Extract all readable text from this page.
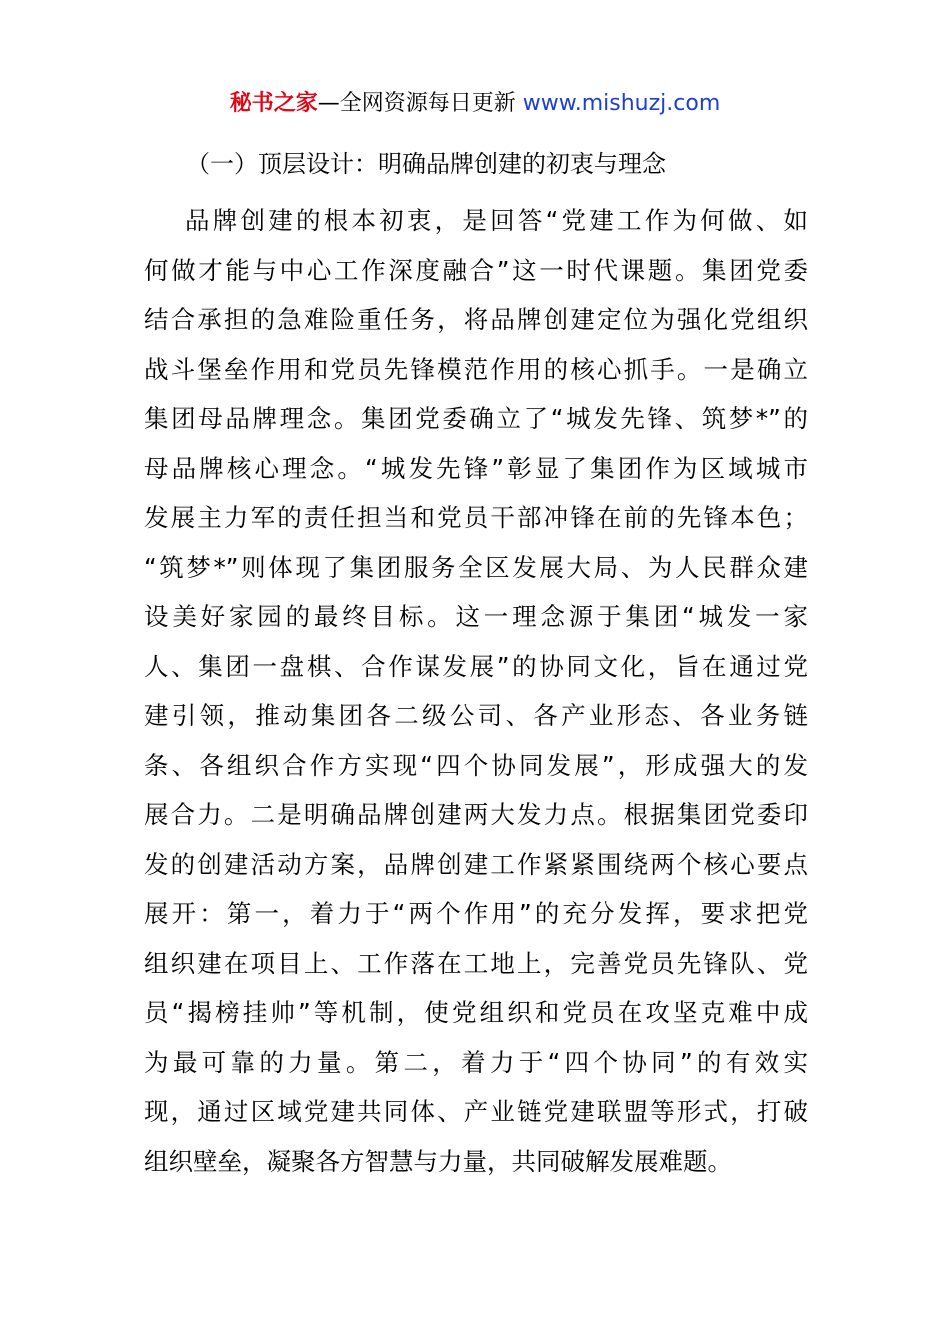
秘书之家—全网资源每日更新 www.mishuzj.com
（一）顶层设计：明确品牌创建的初衷与理念
品牌创建的根本初衷，是回答“党建工作为何做、如
何做才能与中心工作深度融合”这一时代课题。集团党委
结合承担的急难险重任务，将品牌创建定位为强化党组织
战斗堡垒作用和党员先锋模范作用的核心抓手。一是确立
集团母品牌理念。集团党委确立了“城发先锋、筑梦*”的
母品牌核心理念。“城发先锋”彰显了集团作为区域城市
发展主力军的责任担当和党员干部冲锋在前的先锋本色；
“筑梦*”则体现了集团服务全区发展大局、为人民群众建
设美好家园的最终目标。这一理念源于集团“城发一家
人、集团一盘棋、合作谋发展”的协同文化，旨在通过党
建引领，推动集团各二级公司、各产业形态、各业务链
条、各组织合作方实现“四个协同发展”，形成强大的发
展合力。二是明确品牌创建两大发力点。根据集团党委印
发的创建活动方案，品牌创建工作紧紧围绕两个核心要点
展开：第一，着力于“两个作用”的充分发挥，要求把党
组织建在项目上、工作落在工地上，完善党员先锋队、党
员“揭榜挂帅”等机制，使党组织和党员在攻坚克难中成
为最可靠的力量。第二，着力于“四个协同”的有效实
现，通过区域党建共同体、产业链党建联盟等形式，打破
组织壁垒，凝聚各方智慧与力量，共同破解发展难题。
